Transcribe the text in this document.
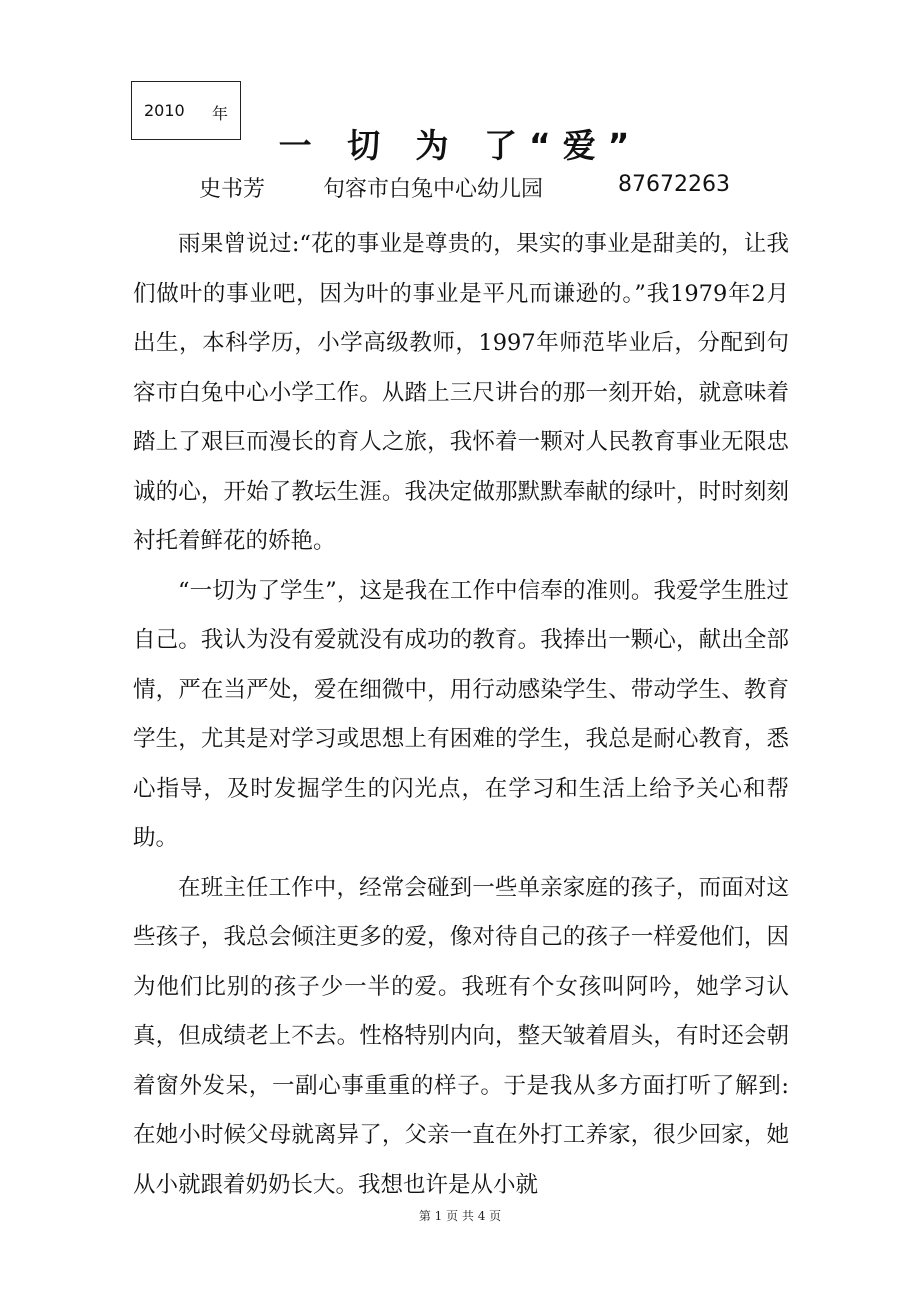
2010 年
一 切 为 了“爱”
史书芳	句容市白兔中心幼儿园	87672263

雨果曾说过:“花的事业是尊贵的，果实的事业是甜美的，让我们做叶的事业吧，因为叶的事业是平凡而谦逊的。”我1979年2月出生，本科学历，小学高级教师，1997年师范毕业后，分配到句容市白兔中心小学工作。从踏上三尺讲台的那一刻开始，就意味着踏上了艰巨而漫长的育人之旅，我怀着一颗对人民教育事业无限忠诚的心，开始了教坛生涯。我决定做那默默奉献的绿叶，时时刻刻衬托着鲜花的娇艳。

“一切为了学生”，这是我在工作中信奉的准则。我爱学生胜过自己。我认为没有爱就没有成功的教育。我捧出一颗心，献出全部情，严在当严处，爱在细微中，用行动感染学生、带动学生、教育学生，尤其是对学习或思想上有困难的学生，我总是耐心教育，悉心指导，及时发掘学生的闪光点，在学习和生活上给予关心和帮助。

在班主任工作中，经常会碰到一些单亲家庭的孩子，而面对这些孩子，我总会倾注更多的爱，像对待自己的孩子一样爱他们，因为他们比别的孩子少一半的爱。我班有个女孩叫阿吟，她学习认真，但成绩老上不去。性格特别内向，整天皱着眉头，有时还会朝着窗外发呆，一副心事重重的样子。于是我从多方面打听了解到:在她小时候父母就离异了，父亲一直在外打工养家，很少回家，她从小就跟着奶奶长大。我想也许是从小就

第 1 页 共 4 页
